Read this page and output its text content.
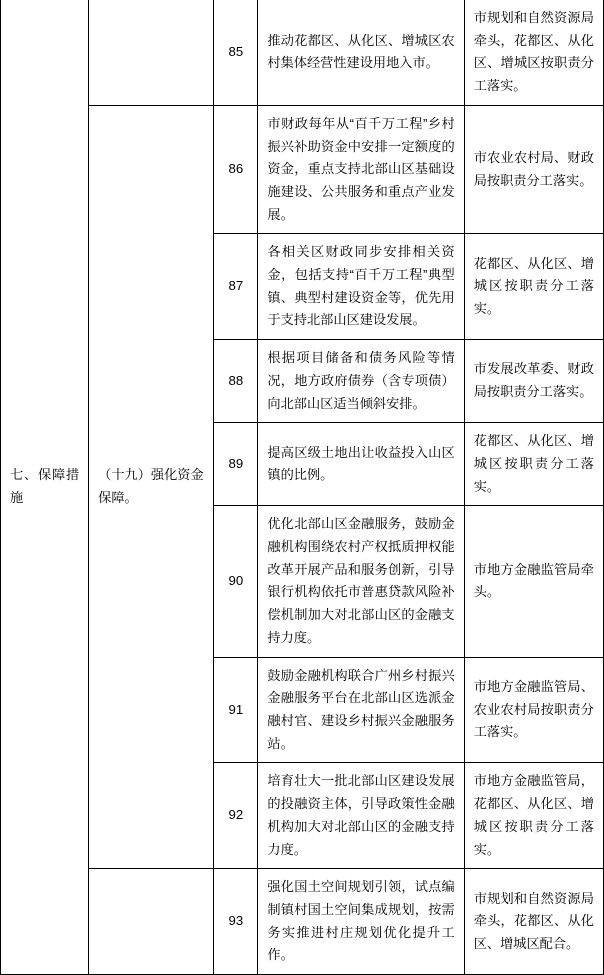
七、保障措施		85	推动花都区、从化区、增城区农村集体经营性建设用地入市。	市规划和自然资源局牵头，花都区、从化区、增城区按职责分工落实。
	（十九）强化资金保障。	86	市财政每年从“百千万工程”乡村振兴补助资金中安排一定额度的资金，重点支持北部山区基础设施建设、公共服务和重点产业发展。	市农业农村局、财政局按职责分工落实。
		87	各相关区财政同步安排相关资金，包括支持“百千万工程”典型镇、典型村建设资金等，优先用于支持北部山区建设发展。	花都区、从化区、增城区按职责分工落实。
		88	根据项目储备和债务风险等情况，地方政府债券（含专项债）向北部山区适当倾斜安排。	市发展改革委、财政局按职责分工落实。
		89	提高区级土地出让收益投入山区镇的比例。	花都区、从化区、增城区按职责分工落实。
		90	优化北部山区金融服务，鼓励金融机构围绕农村产权抵质押权能改革开展产品和服务创新，引导银行机构依托市普惠贷款风险补偿机制加大对北部山区的金融支持力度。	市地方金融监管局牵头。
		91	鼓励金融机构联合广州乡村振兴金融服务平台在北部山区选派金融村官、建设乡村振兴金融服务站。	市地方金融监管局、农业农村局按职责分工落实。
		92	培育壮大一批北部山区建设发展的投融资主体，引导政策性金融机构加大对北部山区的金融支持力度。	市地方金融监管局，花都区、从化区、增城区按职责分工落实。
		93	强化国土空间规划引领，试点编制镇村国土空间集成规划，按需务实推进村庄规划优化提升工作。	市规划和自然资源局牵头，花都区、从化区、增城区配合。
